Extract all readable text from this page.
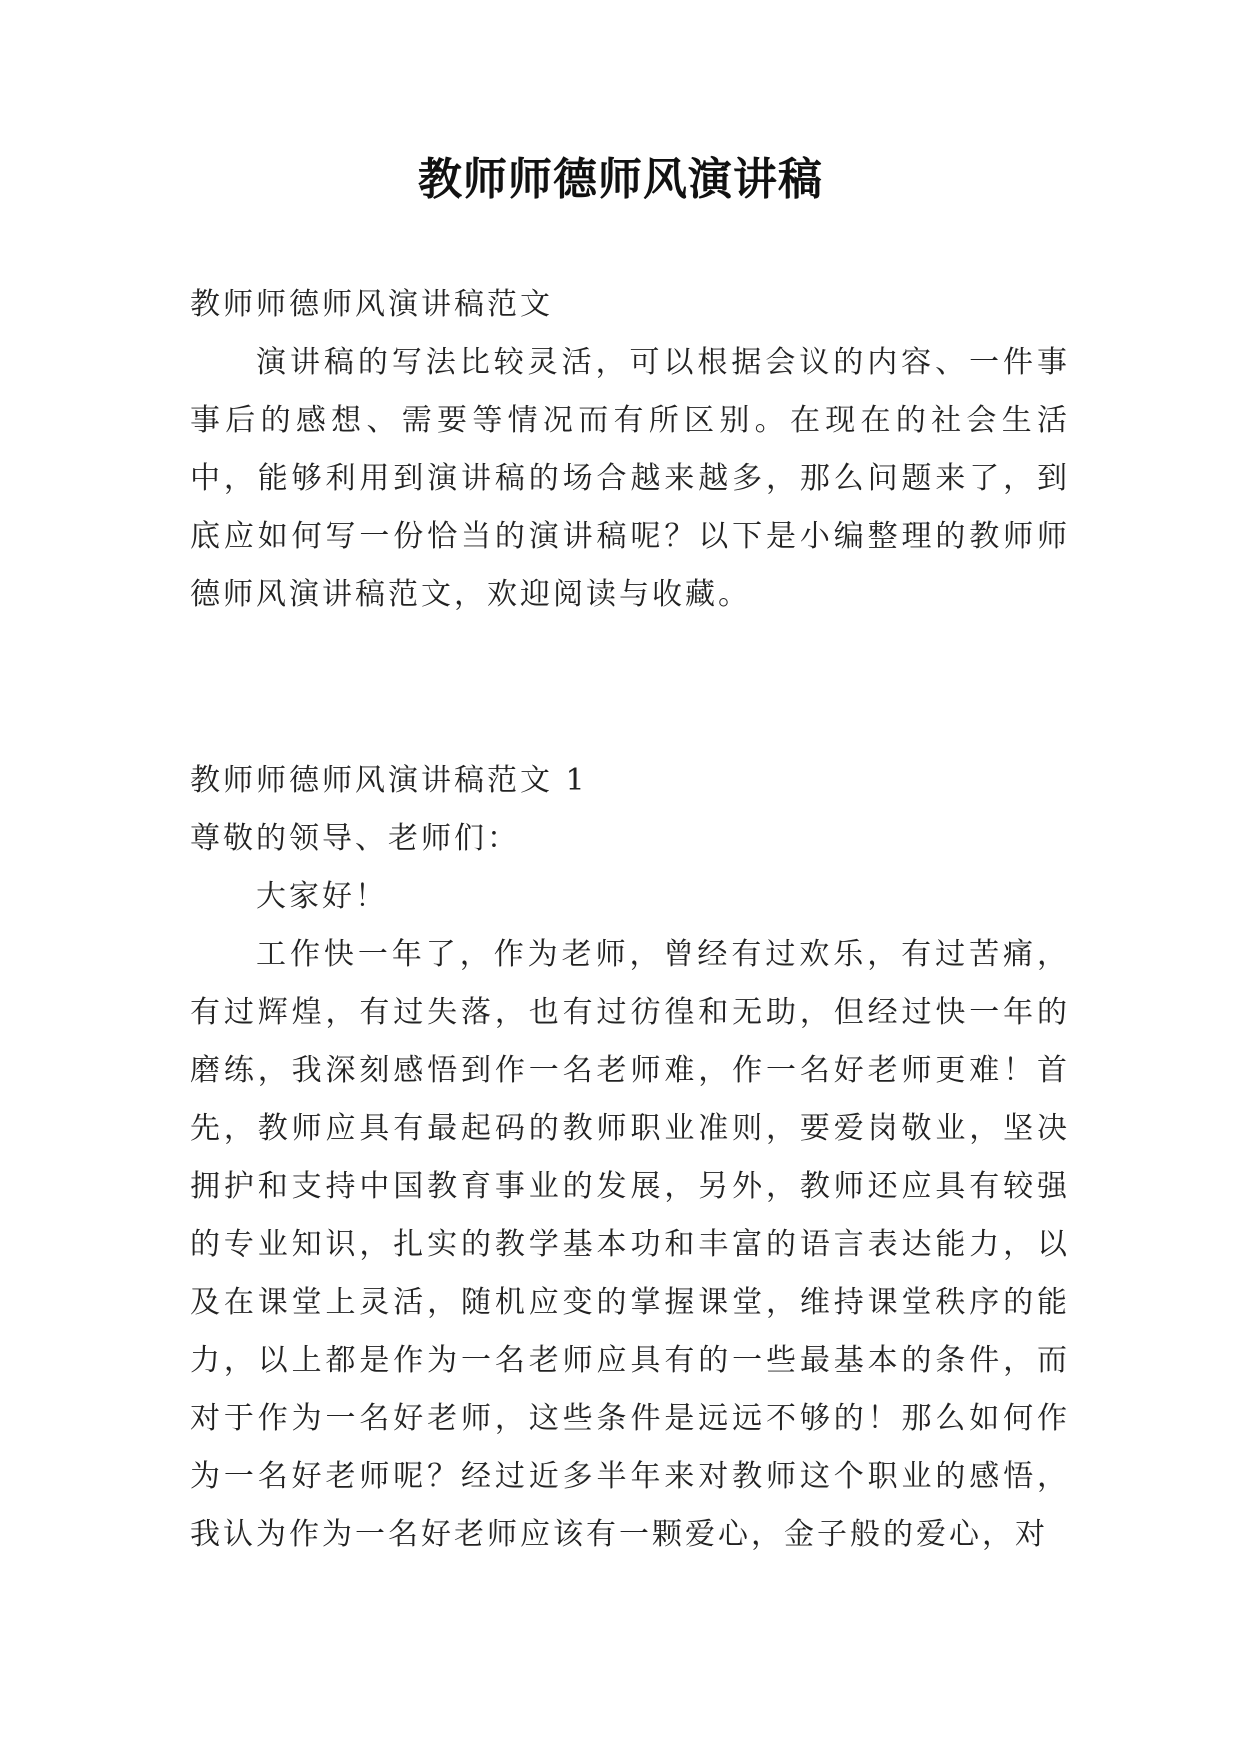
教师师德师风演讲稿

教师师德师风演讲稿范文

演讲稿的写法比较灵活，可以根据会议的内容、一件事事后的感想、需要等情况而有所区别。在现在的社会生活中，能够利用到演讲稿的场合越来越多，那么问题来了，到底应如何写一份恰当的演讲稿呢？以下是小编整理的教师师德师风演讲稿范文，欢迎阅读与收藏。

教师师德师风演讲稿范文 1

尊敬的领导、老师们：

大家好！

工作快一年了，作为老师，曾经有过欢乐，有过苦痛，有过辉煌，有过失落，也有过彷徨和无助，但经过快一年的磨练，我深刻感悟到作一名老师难，作一名好老师更难！首先，教师应具有最起码的教师职业准则，要爱岗敬业，坚决拥护和支持中国教育事业的发展，另外，教师还应具有较强的专业知识，扎实的教学基本功和丰富的语言表达能力，以及在课堂上灵活，随机应变的掌握课堂，维持课堂秩序的能力，以上都是作为一名老师应具有的一些最基本的条件，而对于作为一名好老师，这些条件是远远不够的！那么如何作为一名好老师呢？经过近多半年来对教师这个职业的感悟，我认为作为一名好老师应该有一颗爱心，金子般的爱心，对
